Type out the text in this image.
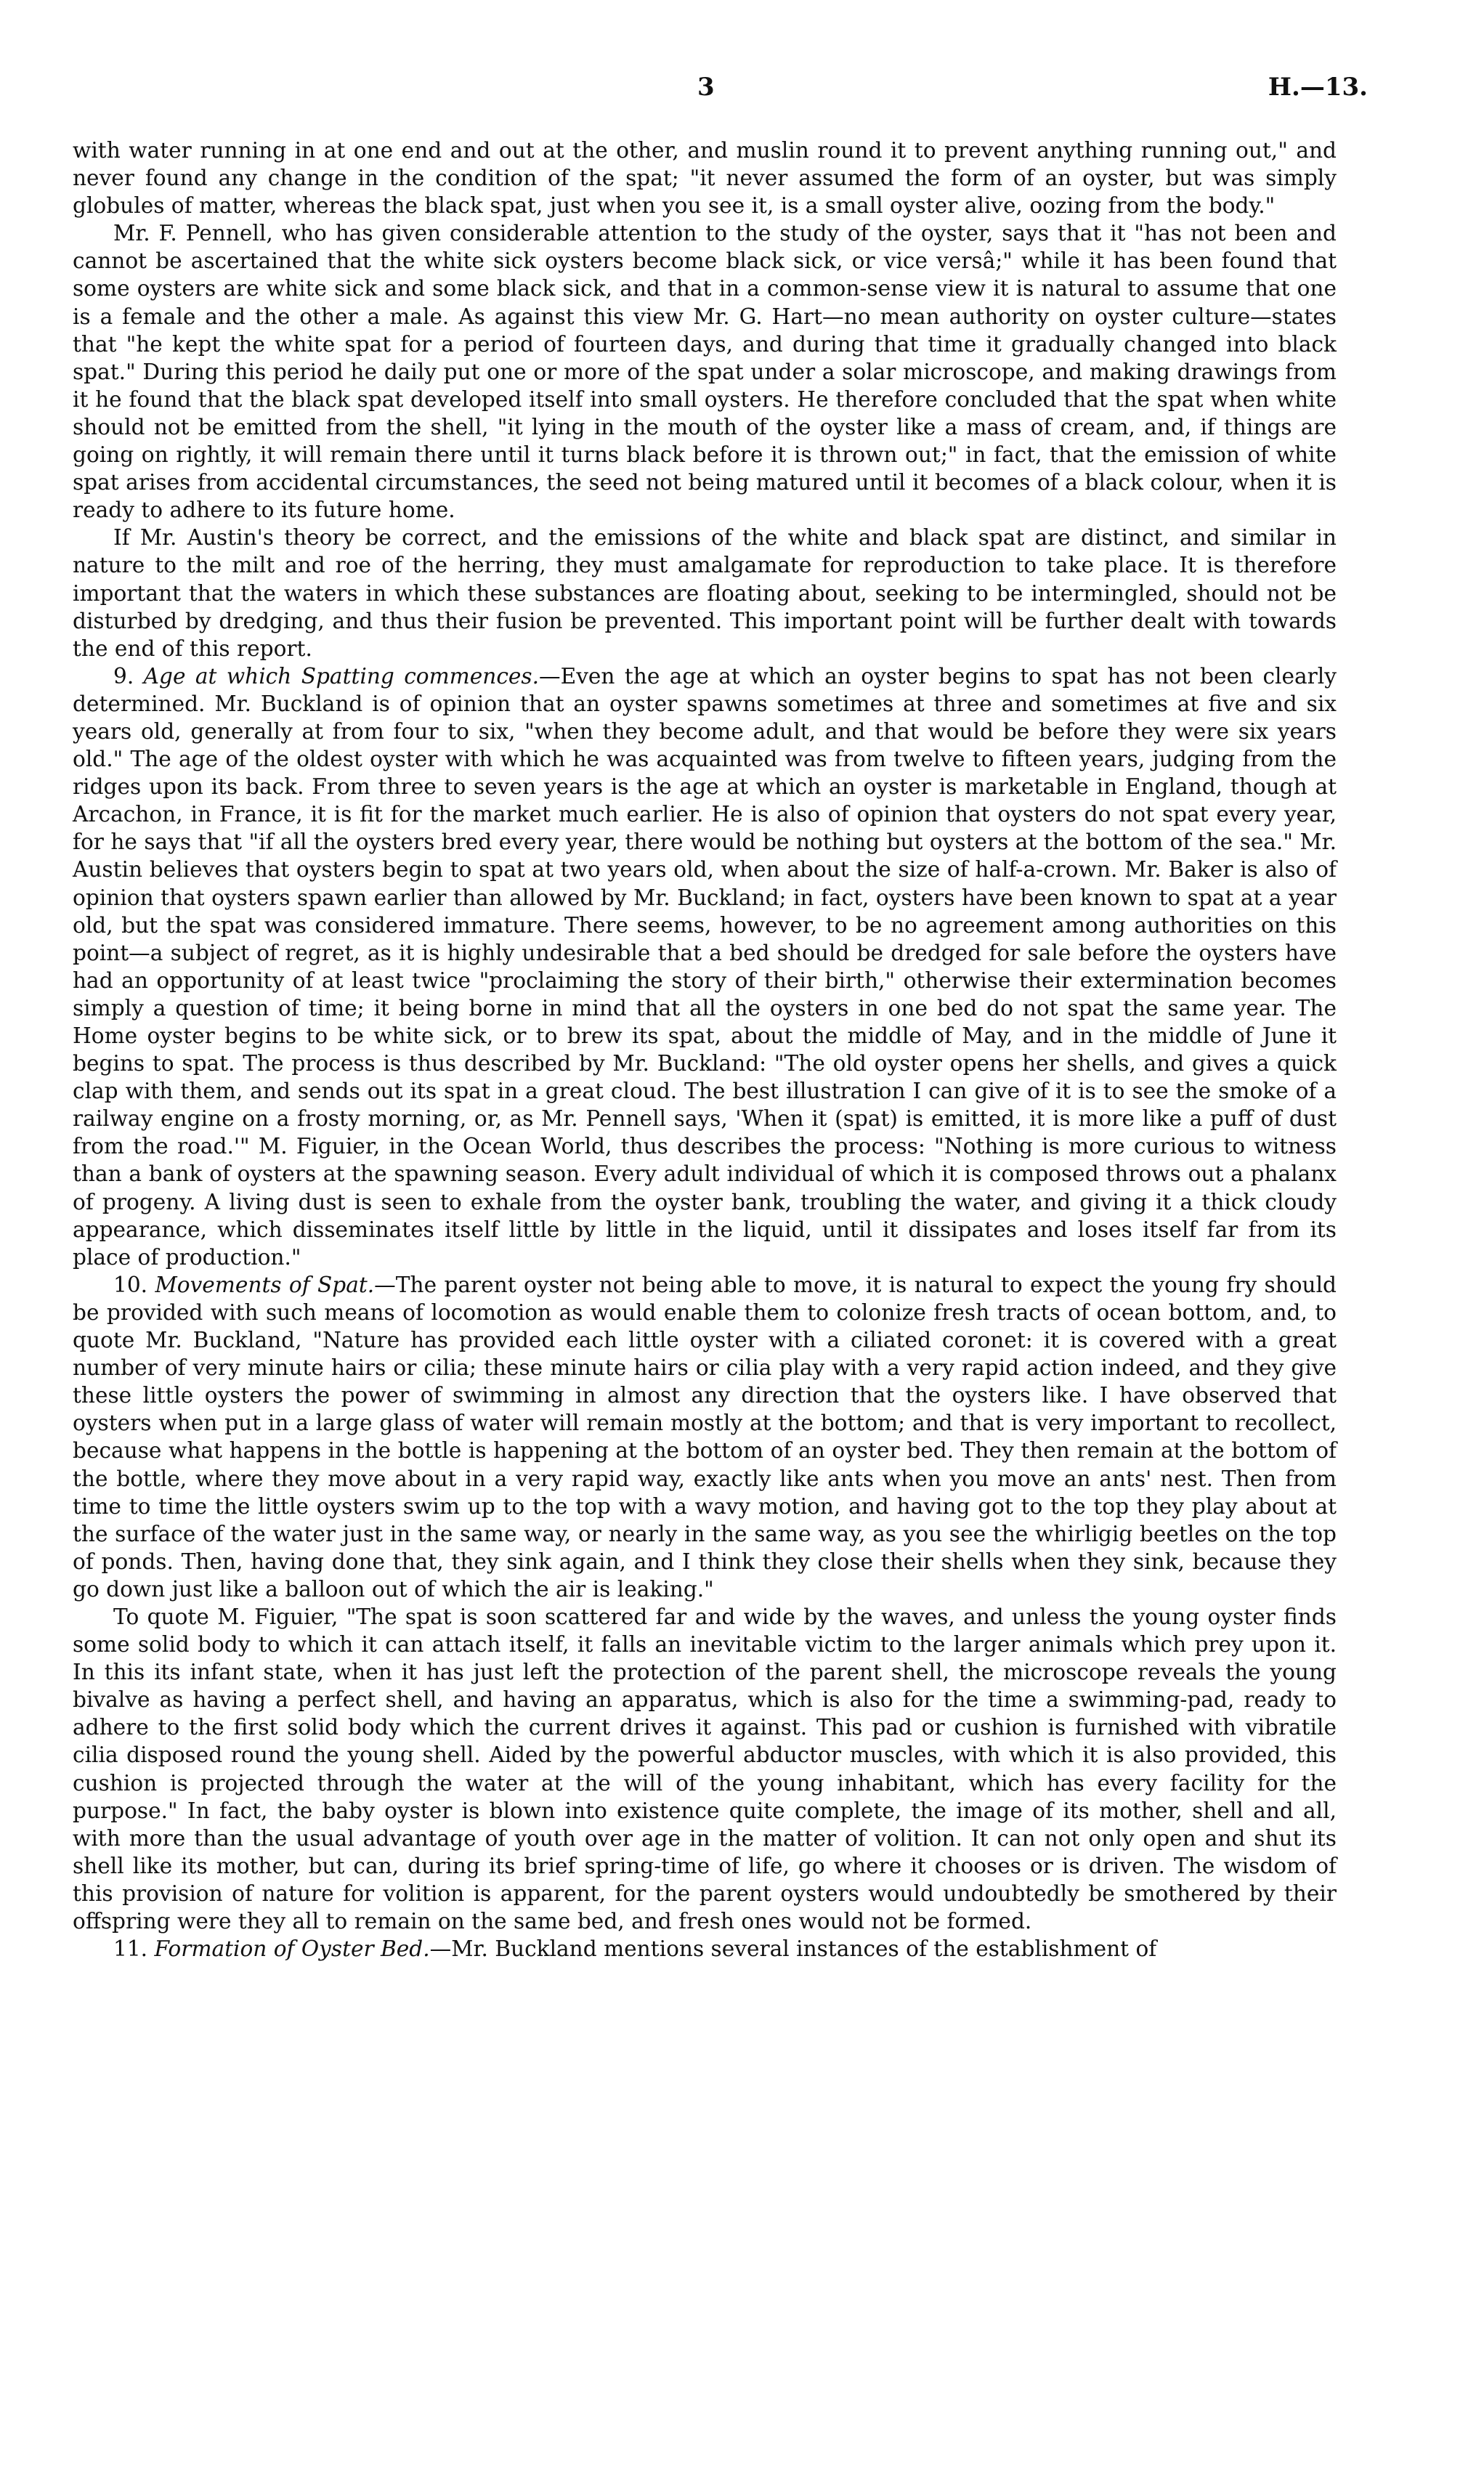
3	H.—13.

with water running in at one end and out at the other, and muslin round it to prevent anything running out," and never found any change in the condition of the spat; "it never assumed the form of an oyster, but was simply globules of matter, whereas the black spat, just when you see it, is a small oyster alive, oozing from the body."

Mr. F. Pennell, who has given considerable attention to the study of the oyster, says that it "has not been and cannot be ascertained that the white sick oysters become black sick, or vice versâ;" while it has been found that some oysters are white sick and some black sick, and that in a common-sense view it is natural to assume that one is a female and the other a male. As against this view Mr. G. Hart—no mean authority on oyster culture—states that "he kept the white spat for a period of fourteen days, and during that time it gradually changed into black spat." During this period he daily put one or more of the spat under a solar microscope, and making drawings from it he found that the black spat developed itself into small oysters. He therefore concluded that the spat when white should not be emitted from the shell, "it lying in the mouth of the oyster like a mass of cream, and, if things are going on rightly, it will remain there until it turns black before it is thrown out;" in fact, that the emission of white spat arises from accidental circumstances, the seed not being matured until it becomes of a black colour, when it is ready to adhere to its future home.

If Mr. Austin's theory be correct, and the emissions of the white and black spat are distinct, and similar in nature to the milt and roe of the herring, they must amalgamate for reproduction to take place. It is therefore important that the waters in which these substances are floating about, seeking to be intermingled, should not be disturbed by dredging, and thus their fusion be prevented. This important point will be further dealt with towards the end of this report.

9. Age at which Spatting commences.—Even the age at which an oyster begins to spat has not been clearly determined. Mr. Buckland is of opinion that an oyster spawns sometimes at three and sometimes at five and six years old, generally at from four to six, "when they become adult, and that would be before they were six years old." The age of the oldest oyster with which he was acquainted was from twelve to fifteen years, judging from the ridges upon its back. From three to seven years is the age at which an oyster is marketable in England, though at Arcachon, in France, it is fit for the market much earlier. He is also of opinion that oysters do not spat every year, for he says that "if all the oysters bred every year, there would be nothing but oysters at the bottom of the sea." Mr. Austin believes that oysters begin to spat at two years old, when about the size of half-a-crown. Mr. Baker is also of opinion that oysters spawn earlier than allowed by Mr. Buckland; in fact, oysters have been known to spat at a year old, but the spat was considered immature. There seems, however, to be no agreement among authorities on this point—a subject of regret, as it is highly undesirable that a bed should be dredged for sale before the oysters have had an opportunity of at least twice "proclaiming the story of their birth," otherwise their extermination becomes simply a question of time; it being borne in mind that all the oysters in one bed do not spat the same year. The Home oyster begins to be white sick, or to brew its spat, about the middle of May, and in the middle of June it begins to spat. The process is thus described by Mr. Buckland: "The old oyster opens her shells, and gives a quick clap with them, and sends out its spat in a great cloud. The best illustration I can give of it is to see the smoke of a railway engine on a frosty morning, or, as Mr. Pennell says, 'When it (spat) is emitted, it is more like a puff of dust from the road.'" M. Figuier, in the Ocean World, thus describes the process: "Nothing is more curious to witness than a bank of oysters at the spawning season. Every adult individual of which it is composed throws out a phalanx of progeny. A living dust is seen to exhale from the oyster bank, troubling the water, and giving it a thick cloudy appearance, which disseminates itself little by little in the liquid, until it dissipates and loses itself far from its place of production."

10. Movements of Spat.—The parent oyster not being able to move, it is natural to expect the young fry should be provided with such means of locomotion as would enable them to colonize fresh tracts of ocean bottom, and, to quote Mr. Buckland, "Nature has provided each little oyster with a ciliated coronet: it is covered with a great number of very minute hairs or cilia; these minute hairs or cilia play with a very rapid action indeed, and they give these little oysters the power of swimming in almost any direction that the oysters like. I have observed that oysters when put in a large glass of water will remain mostly at the bottom; and that is very important to recollect, because what happens in the bottle is happening at the bottom of an oyster bed. They then remain at the bottom of the bottle, where they move about in a very rapid way, exactly like ants when you move an ants' nest. Then from time to time the little oysters swim up to the top with a wavy motion, and having got to the top they play about at the surface of the water just in the same way, or nearly in the same way, as you see the whirligig beetles on the top of ponds. Then, having done that, they sink again, and I think they close their shells when they sink, because they go down just like a balloon out of which the air is leaking."

To quote M. Figuier, "The spat is soon scattered far and wide by the waves, and unless the young oyster finds some solid body to which it can attach itself, it falls an inevitable victim to the larger animals which prey upon it. In this its infant state, when it has just left the protection of the parent shell, the microscope reveals the young bivalve as having a perfect shell, and having an apparatus, which is also for the time a swimming-pad, ready to adhere to the first solid body which the current drives it against. This pad or cushion is furnished with vibratile cilia disposed round the young shell. Aided by the powerful abductor muscles, with which it is also provided, this cushion is projected through the water at the will of the young inhabitant, which has every facility for the purpose." In fact, the baby oyster is blown into existence quite complete, the image of its mother, shell and all, with more than the usual advantage of youth over age in the matter of volition. It can not only open and shut its shell like its mother, but can, during its brief spring-time of life, go where it chooses or is driven. The wisdom of this provision of nature for volition is apparent, for the parent oysters would undoubtedly be smothered by their offspring were they all to remain on the same bed, and fresh ones would not be formed.

11. Formation of Oyster Bed.—Mr. Buckland mentions several instances of the establishment of
